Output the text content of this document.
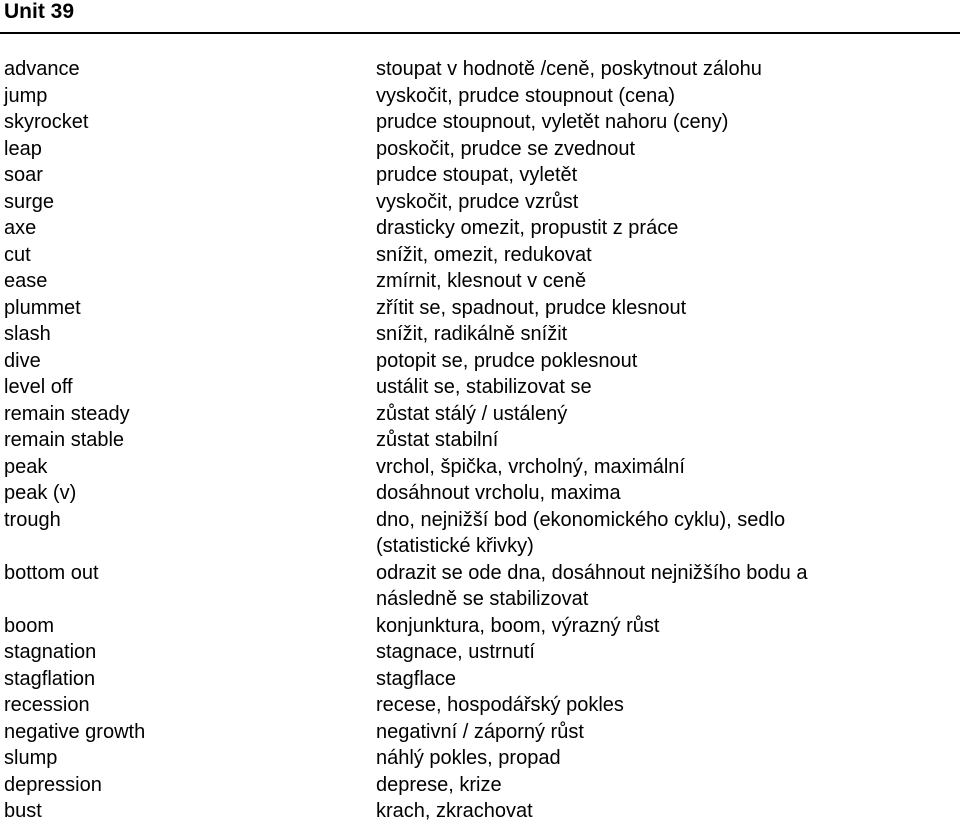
Unit 39
advance	stoupat v hodnotě /ceně, poskytnout zálohu
jump	vyskočit, prudce stoupnout (cena)
skyrocket	prudce stoupnout, vyletět nahoru (ceny)
leap	poskočit, prudce se zvednout
soar	prudce stoupat, vyletět
surge	vyskočit, prudce vzrůst
axe	drasticky omezit, propustit z práce
cut	snížit, omezit, redukovat
ease	zmírnit, klesnout v ceně
plummet	zřítit se, spadnout, prudce klesnout
slash	snížit, radikálně snížit
dive	potopit se, prudce poklesnout
level off	ustálit se, stabilizovat se
remain steady	zůstat stálý / ustálený
remain stable	zůstat stabilní
peak	vrchol, špička, vrcholný, maximální
peak (v)	dosáhnout vrcholu, maxima
trough	dno, nejnižší bod (ekonomického cyklu), sedlo
	(statistické křivky)
bottom out	odrazit se ode dna, dosáhnout nejnižšího bodu a
	následně se stabilizovat
boom	konjunktura, boom, výrazný růst
stagnation	stagnace, ustrnutí
stagflation	stagflace
recession	recese, hospodářský pokles
negative growth	negativní / záporný růst
slump	náhlý pokles, propad
depression	deprese, krize
bust	krach, zkrachovat
